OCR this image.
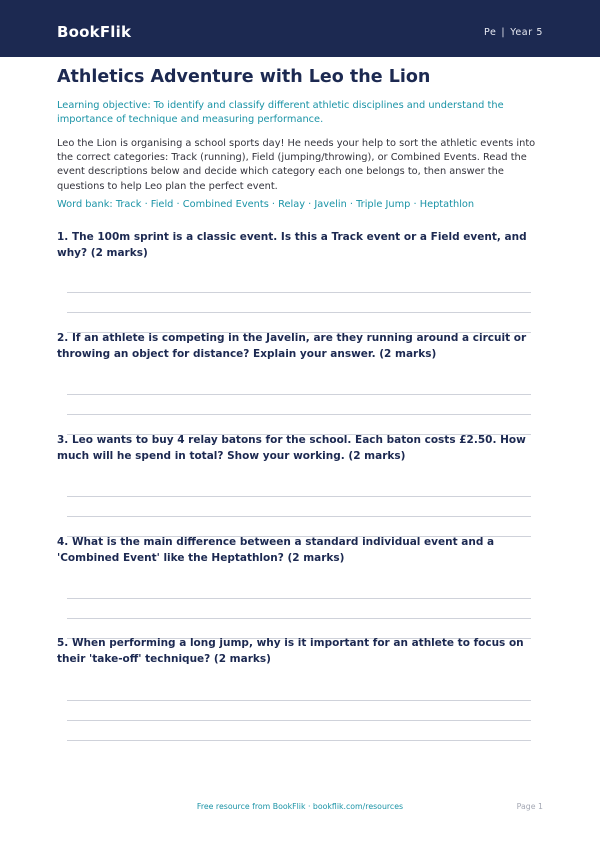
BookFlik	Pe | Year 5
Athletics Adventure with Leo the Lion
Learning objective: To identify and classify different athletic disciplines and understand the importance of technique and measuring performance.
Leo the Lion is organising a school sports day! He needs your help to sort the athletic events into the correct categories: Track (running), Field (jumping/throwing), or Combined Events. Read the event descriptions below and decide which category each one belongs to, then answer the questions to help Leo plan the perfect event.
Word bank: Track · Field · Combined Events · Relay · Javelin · Triple Jump · Heptathlon

1. The 100m sprint is a classic event. Is this a Track event or a Field event, and why? (2 marks)

2. If an athlete is competing in the Javelin, are they running around a circuit or throwing an object for distance? Explain your answer. (2 marks)

3. Leo wants to buy 4 relay batons for the school. Each baton costs £2.50. How much will he spend in total? Show your working. (2 marks)

4. What is the main difference between a standard individual event and a 'Combined Event' like the Heptathlon? (2 marks)

5. When performing a long jump, why is it important for an athlete to focus on their 'take-off' technique? (2 marks)

Free resource from BookFlik · bookflik.com/resources	Page 1
